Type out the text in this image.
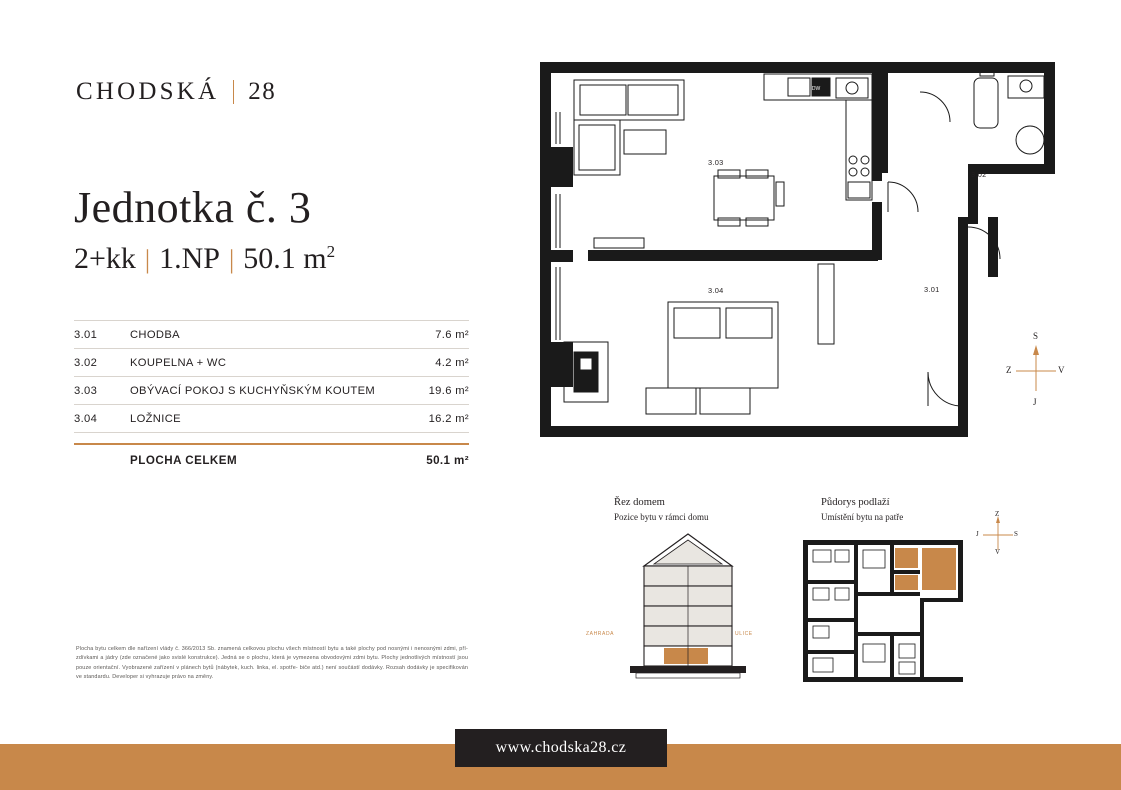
CHODSKÁ 28
Jednotka č. 3
2+kk | 1.NP | 50.1 $m^2$
3.01	CHODBA	7.6 m²
3.02	KOUPELNA + WC	4.2 m²
3.03	OBÝVACÍ POKOJ S KUCHYŇSKÝM KOUTEM	19.6 m²
3.04	LOŽNICE	16.2 m²
PLOCHA CELKEM	50.1 m²
Plocha bytu celkem dle nařízení vlády č. 366/2013 Sb. znamená celkovou plochu všech místností bytu a také plochy pod nosnými i nenosnými zdmi, pří- zdívkami a jádry (zde označené jako svislé konstrukce). Jedná se o plochu, která je vymezena obvodovými zdmi bytu. Plochy jednotlivých místností jsou pouze orientační. Vyobrazené zařízení v plánech bytů (nábytek, kuch. linka, el. spotře- biče atd.) není součástí dodávky. Rozsah dodávky je specifikován ve standardu. Developer si vyhrazuje právo na změny.
DW
3.03
3.02
3.01
3.04
S
V
J
Z
Řez domem
Pozice bytu v rámci domu
ZAHRADA	ULICE
Půdorys podlaží
Umístění bytu na patře	Z
S
V
J
www.chodska28.cz
